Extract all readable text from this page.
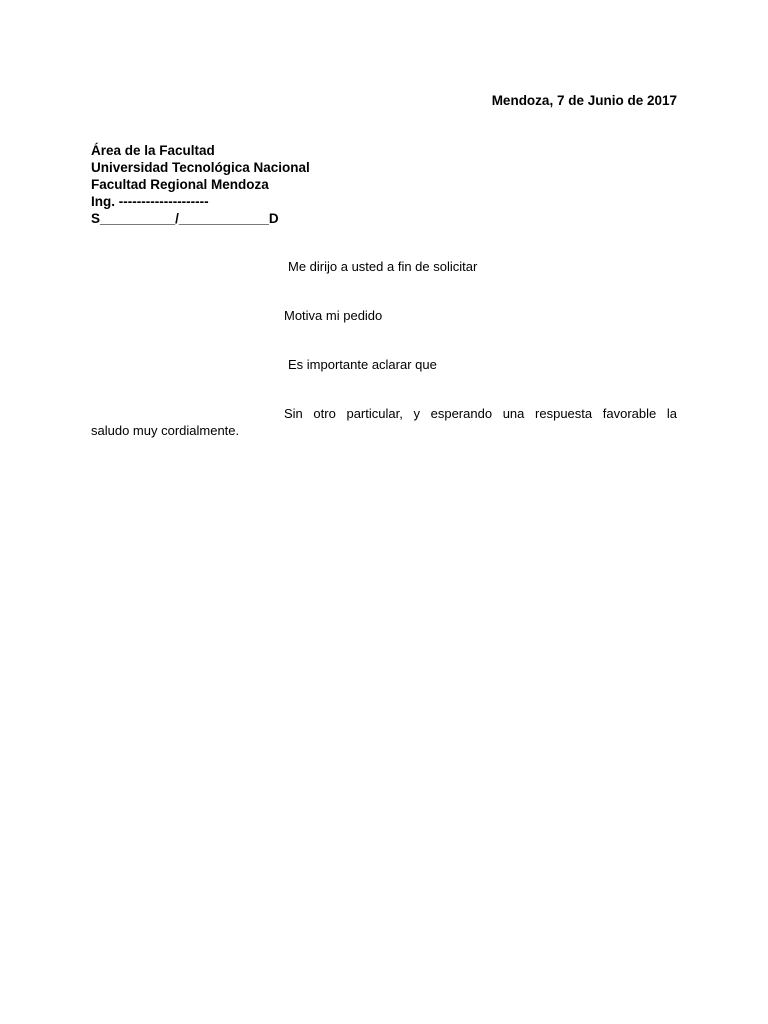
Mendoza, 7 de Junio de 2017
Área de la Facultad
Universidad Tecnológica Nacional
Facultad Regional Mendoza
Ing. --------------------
S__________/____________D
Me dirijo a usted a fin de solicitar
Motiva mi pedido
Es importante aclarar que
Sin otro particular, y esperando una respuesta favorable la
saludo muy cordialmente.
